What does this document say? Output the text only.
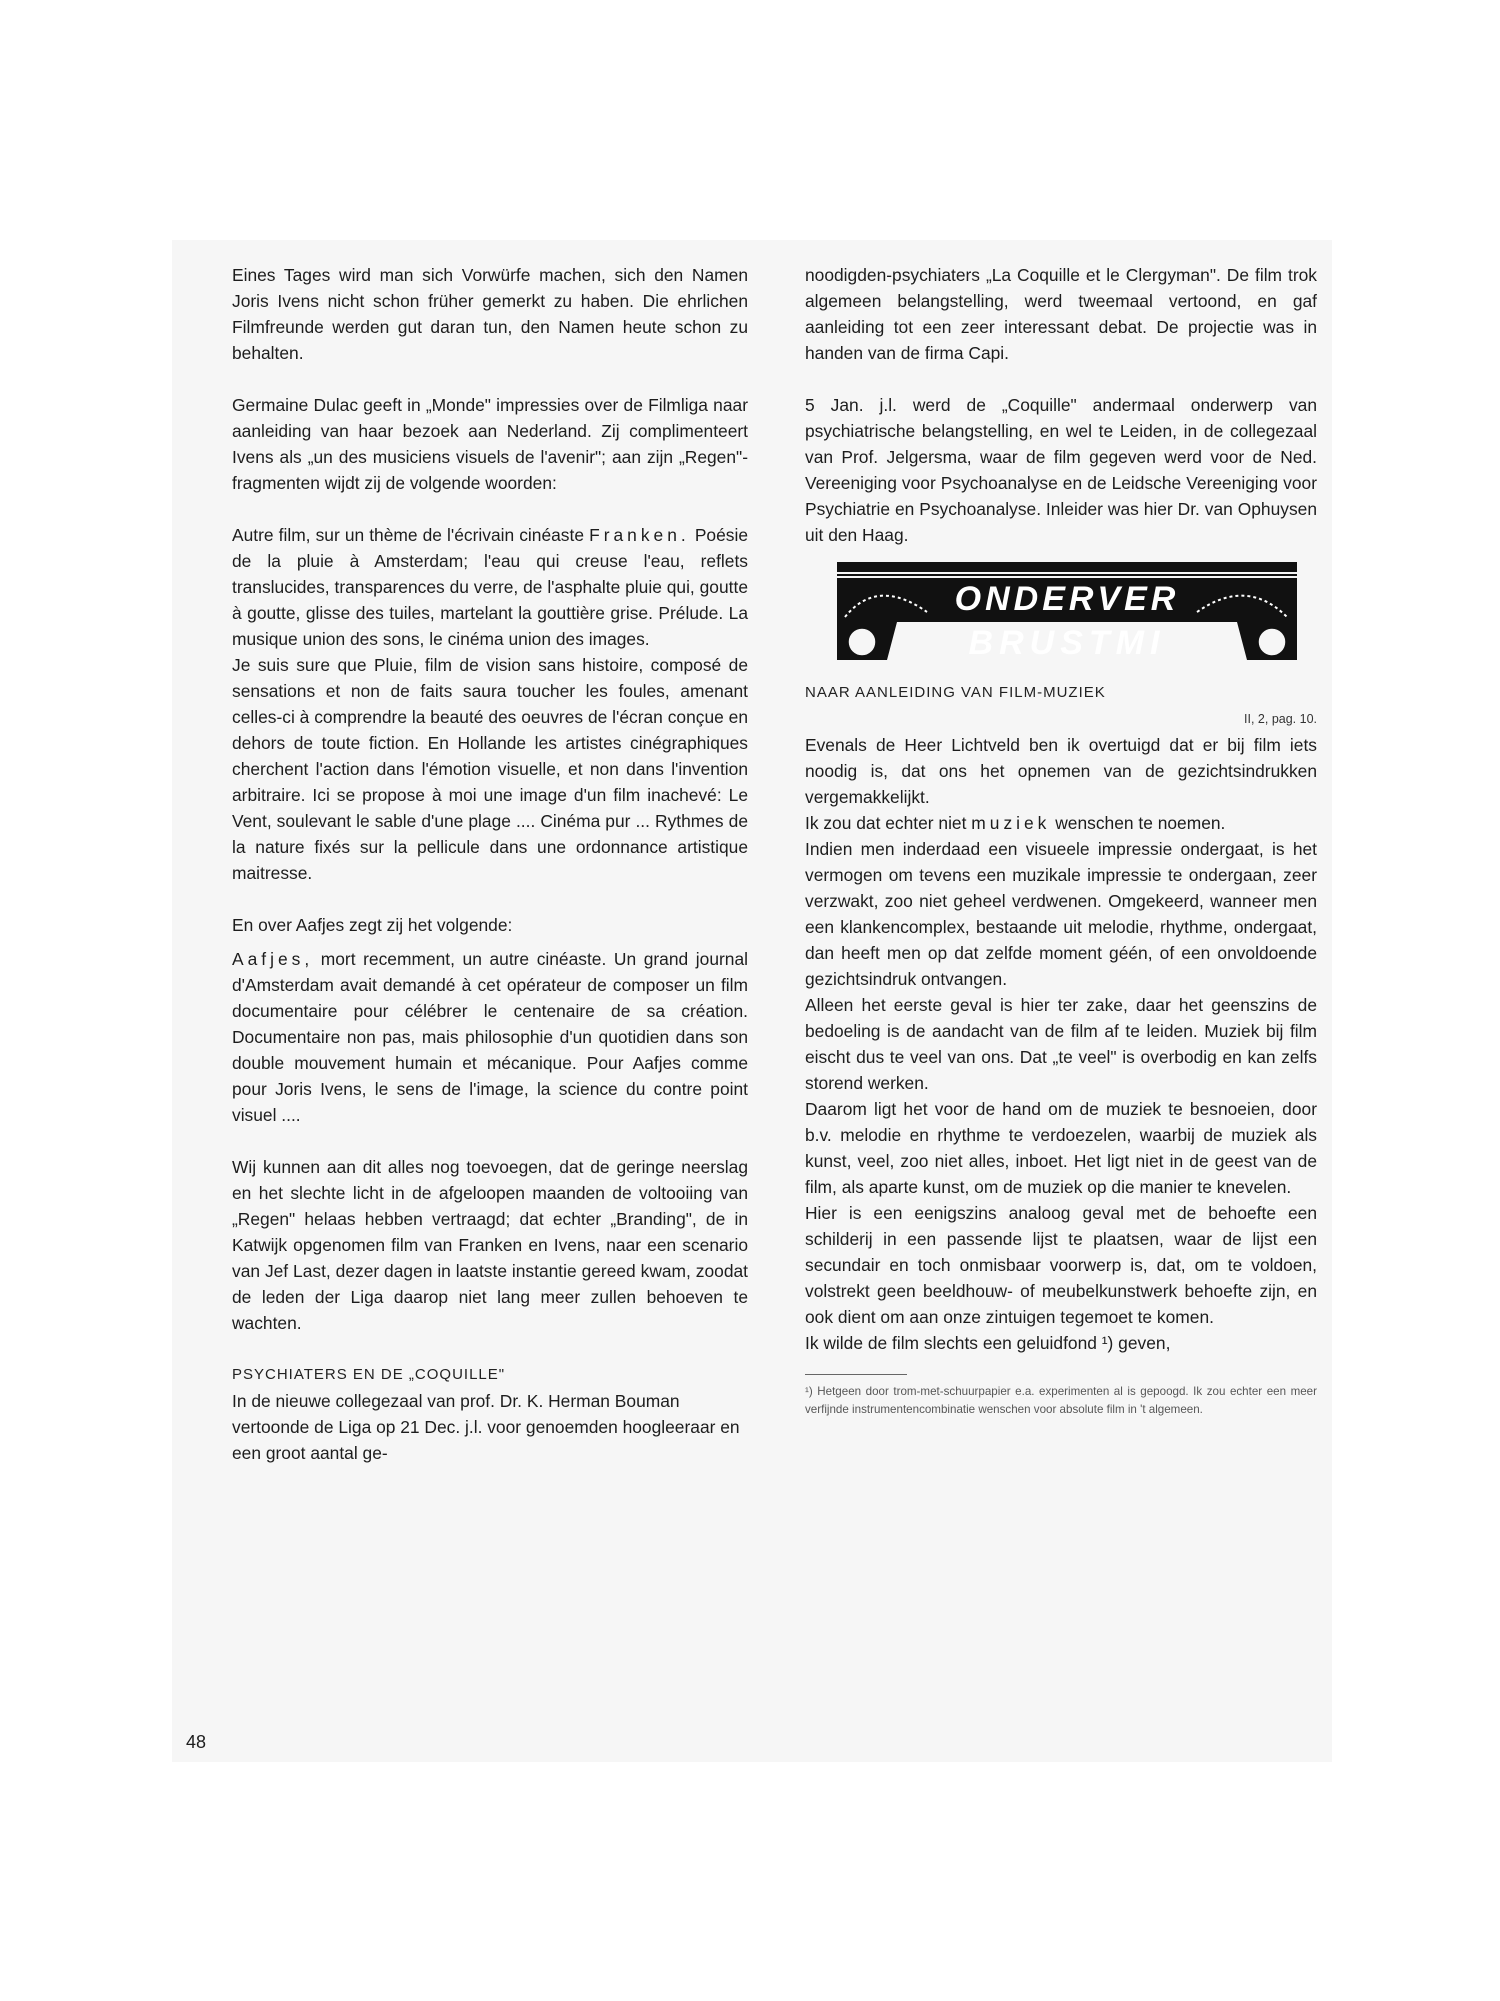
Eines Tages wird man sich Vorwürfe machen, sich den Namen Joris Ivens nicht schon früher gemerkt zu haben. Die ehrlichen Filmfreunde werden gut daran tun, den Namen heute schon zu behalten.

Germaine Dulac geeft in „Monde" impressies over de Filmliga naar aanleiding van haar bezoek aan Nederland. Zij complimenteert Ivens als „un des musiciens visuels de l'avenir"; aan zijn „Regen"-fragmenten wijdt zij de volgende woorden:

Autre film, sur un thème de l'écrivain cinéaste Franken. Poésie de la pluie à Amsterdam; l'eau qui creuse l'eau, reflets translucides, transparences du verre, de l'asphalte pluie qui, goutte à goutte, glisse des tuiles, martelant la gouttière grise. Prélude. La musique union des sons, le cinéma union des images.

Je suis sure que Pluie, film de vision sans histoire, composé de sensations et non de faits saura toucher les foules, amenant celles-ci à comprendre la beauté des oeuvres de l'écran conçue en dehors de toute fiction. En Hollande les artistes cinégraphiques cherchent l'action dans l'émotion visuelle, et non dans l'invention arbitraire. Ici se propose à moi une image d'un film inachevé: Le Vent, soulevant le sable d'une plage .... Cinéma pur ... Rythmes de la nature fixés sur la pellicule dans une ordonnance artistique maitresse.

En over Aafjes zegt zij het volgende:

Aafjes, mort recemment, un autre cinéaste. Un grand journal d'Amsterdam avait demandé à cet opérateur de composer un film documentaire pour célébrer le centenaire de sa création. Documentaire non pas, mais philosophie d'un quotidien dans son double mouvement humain et mécanique. Pour Aafjes comme pour Joris Ivens, le sens de l'image, la science du contre point visuel ....

Wij kunnen aan dit alles nog toevoegen, dat de geringe neerslag en het slechte licht in de afgeloopen maanden de voltooiing van „Regen" helaas hebben vertraagd; dat echter „Branding", de in Katwijk opgenomen film van Franken en Ivens, naar een scenario van Jef Last, dezer dagen in laatste instantie gereed kwam, zoodat de leden der Liga daarop niet lang meer zullen behoeven te wachten.

PSYCHIATERS EN DE „COQUILLE"

In de nieuwe collegezaal van prof. Dr. K. Herman Bouman vertoonde de Liga op 21 Dec. j.l. voor genoemden hoogleeraar en een groot aantal ge-

48

noodigden-psychiaters „La Coquille et le Clergyman". De film trok algemeen belangstelling, werd tweemaal vertoond, en gaf aanleiding tot een zeer interessant debat. De projectie was in handen van de firma Capi.

5 Jan. j.l. werd de „Coquille" andermaal onderwerp van psychiatrische belangstelling, en wel te Leiden, in de collegezaal van Prof. Jelgersma, waar de film gegeven werd voor de Ned. Vereeniging voor Psychoanalyse en de Leidsche Vereeniging voor Psychiatrie en Psychoanalyse. Inleider was hier Dr. van Ophuysen uit den Haag.

ONDERVER
BRUSTMI

NAAR AANLEIDING VAN FILM-MUZIEK

II, 2, pag. 10.

Evenals de Heer Lichtveld ben ik overtuigd dat er bij film iets noodig is, dat ons het opnemen van de gezichtsindrukken vergemakkelijkt.

Ik zou dat echter niet muziek wenschen te noemen.

Indien men inderdaad een visueele impressie ondergaat, is het vermogen om tevens een muzikale impressie te ondergaan, zeer verzwakt, zoo niet geheel verdwenen. Omgekeerd, wanneer men een klankencomplex, bestaande uit melodie, rhythme, ondergaat, dan heeft men op dat zelfde moment géén, of een onvoldoende gezichtsindruk ontvangen.

Alleen het eerste geval is hier ter zake, daar het geenszins de bedoeling is de aandacht van de film af te leiden. Muziek bij film eischt dus te veel van ons. Dat „te veel" is overbodig en kan zelfs storend werken.

Daarom ligt het voor de hand om de muziek te besnoeien, door b.v. melodie en rhythme te verdoezelen, waarbij de muziek als kunst, veel, zoo niet alles, inboet. Het ligt niet in de geest van de film, als aparte kunst, om de muziek op die manier te knevelen.

Hier is een eenigszins analoog geval met de behoefte een schilderij in een passende lijst te plaatsen, waar de lijst een secundair en toch onmisbaar voorwerp is, dat, om te voldoen, volstrekt geen beeldhouw- of meubelkunstwerk behoefte zijn, en ook dient om aan onze zintuigen tegemoet te komen.

Ik wilde de film slechts een geluidfond ¹) geven,

¹) Hetgeen door trom-met-schuurpapier e.a. experimenten al is gepoogd. Ik zou echter een meer verfijnde instrumentencombinatie wenschen voor absolute film in 't algemeen.
